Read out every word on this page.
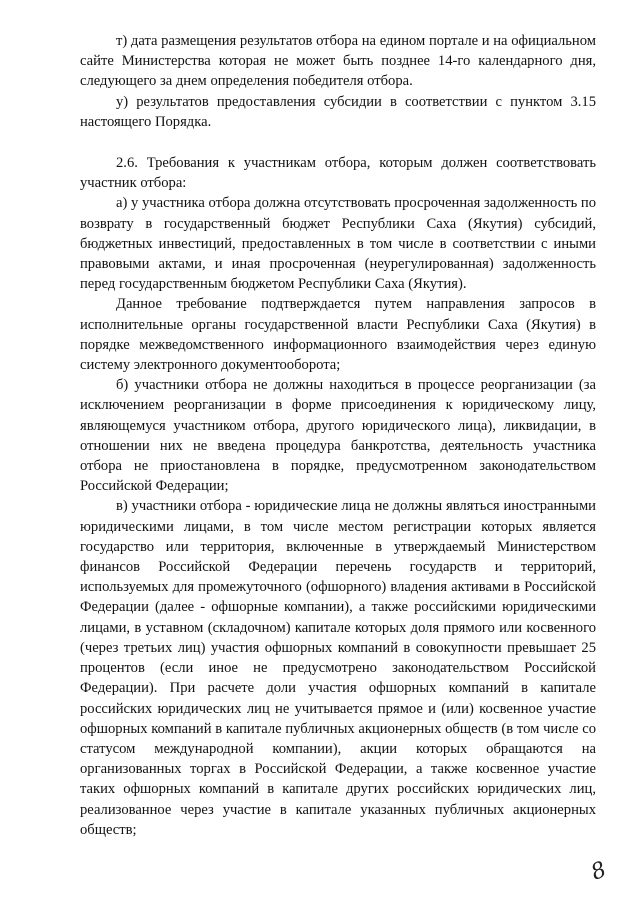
т) дата размещения результатов отбора на едином портале и на официальном сайте Министерства которая не может быть позднее 14-го календарного дня, следующего за днем определения победителя отбора.

у) результатов предоставления субсидии в соответствии с пунктом 3.15 настоящего Порядка.

2.6. Требования к участникам отбора, которым должен соответствовать участник отбора:

а) у участника отбора должна отсутствовать просроченная задолженность по возврату в государственный бюджет Республики Саха (Якутия) субсидий, бюджетных инвестиций, предоставленных в том числе в соответствии с иными правовыми актами, и иная просроченная (неурегулированная) задолженность перед государственным бюджетом Республики Саха (Якутия).

Данное требование подтверждается путем направления запросов в исполнительные органы государственной власти Республики Саха (Якутия) в порядке межведомственного информационного взаимодействия через единую систему электронного документооборота;

б) участники отбора не должны находиться в процессе реорганизации (за исключением реорганизации в форме присоединения к юридическому лицу, являющемуся участником отбора, другого юридического лица), ликвидации, в отношении них не введена процедура банкротства, деятельность участника отбора не приостановлена в порядке, предусмотренном законодательством Российской Федерации;

в) участники отбора - юридические лица не должны являться иностранными юридическими лицами, в том числе местом регистрации которых является государство или территория, включенные в утверждаемый Министерством финансов Российской Федерации перечень государств и территорий, используемых для промежуточного (офшорного) владения активами в Российской Федерации (далее - офшорные компании), а также российскими юридическими лицами, в уставном (складочном) капитале которых доля прямого или косвенного (через третьих лиц) участия офшорных компаний в совокупности превышает 25 процентов (если иное не предусмотрено законодательством Российской Федерации). При расчете доли участия офшорных компаний в капитале российских юридических лиц не учитывается прямое и (или) косвенное участие офшорных компаний в капитале публичных акционерных обществ (в том числе со статусом международной компании), акции которых обращаются на организованных торгах в Российской Федерации, а также косвенное участие таких офшорных компаний в капитале других российских юридических лиц, реализованное через участие в капитале указанных публичных акционерных обществ;

8
